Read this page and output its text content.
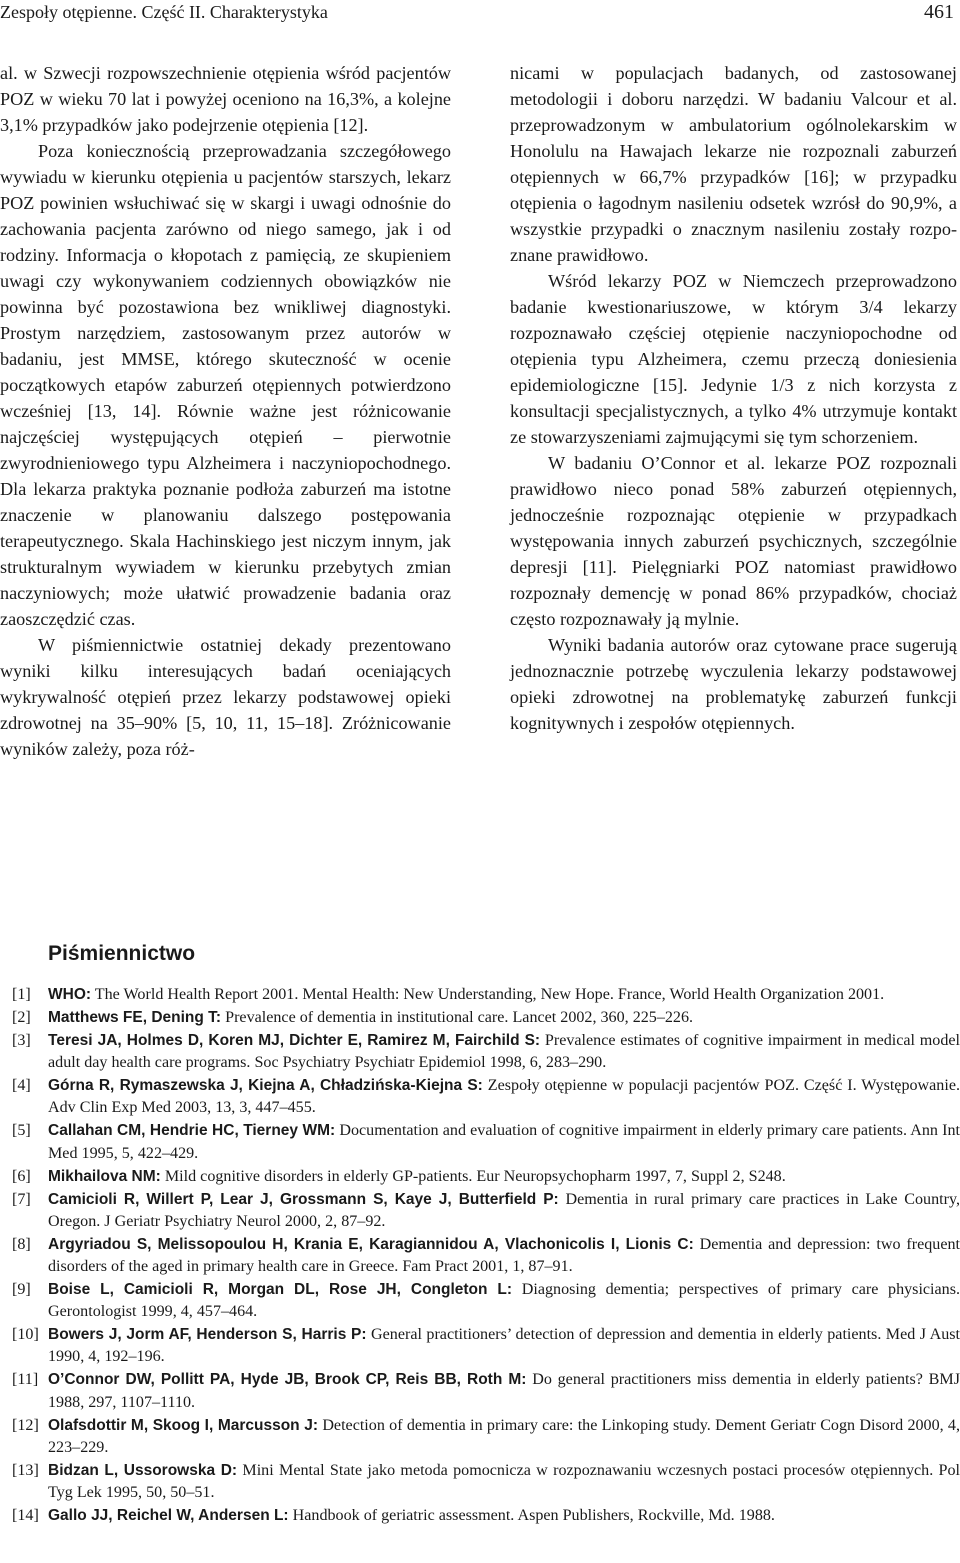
Zespoły otępienne. Część II. Charakterystyka	461

al. w Szwecji rozpowszechnienie otępienia wśród pacjentów POZ w wieku 70 lat i powyżej oceniono na 16,3%, a kolejne 3,1% przypadków jako podejrzenie otępienia [12].

Poza koniecznością przeprowadzania szczegółowego wywiadu w kierunku otępienia u pacjentów starszych, lekarz POZ powinien wsłuchiwać się w skargi i uwagi odnośnie do zachowania pacjenta zarówno od niego samego, jak i od rodziny. Informacja o kłopotach z pamięcią, ze skupieniem uwagi czy wykonywaniem codziennych obowiązków nie powinna być pozostawiona bez wnikliwej diagnostyki. Prostym narzędziem, zastosowanym przez autorów w badaniu, jest MMSE, którego skuteczność w ocenie początkowych etapów zaburzeń otępiennych potwierdzono wcześniej [13, 14]. Równie ważne jest różnicowanie najczęściej występujących otępień – pierwotnie zwyrodnieniowego typu Alzheimera i naczyniopochodnego. Dla lekarza praktyka poznanie podłoża zaburzeń ma istotne znaczenie w planowaniu dalszego postępowania terapeutycznego. Skala Hachinskiego jest niczym innym, jak strukturalnym wywiadem w kierunku przebytych zmian naczyniowych; może ułatwić prowadzenie badania oraz zaoszczędzić czas.

W piśmiennictwie ostatniej dekady prezentowano wyniki kilku interesujących badań oceniających wykrywalność otępień przez lekarzy podstawowej opieki zdrowotnej na 35–90% [5, 10, 11, 15–18]. Zróżnicowanie wyników zależy, poza róż-

nicami w populacjach badanych, od zastosowanej metodologii i doboru narzędzi. W badaniu Valcour et al. przeprowadzonym w ambulatorium ogólnolekarskim w Honolulu na Hawajach lekarze nie rozpoznali zaburzeń otępiennych w 66,7% przypadków [16]; w przypadku otępienia o łagodnym nasileniu odsetek wzrósł do 90,9%, a wszystkie przypadki o znacznym nasileniu zostały rozpoznane prawidłowo.

Wśród lekarzy POZ w Niemczech przeprowadzono badanie kwestionariuszowe, w którym 3/4 lekarzy rozpoznawało częściej otępienie naczyniopochodne od otępienia typu Alzheimera, czemu przeczą doniesienia epidemiologiczne [15]. Jedynie 1/3 z nich korzysta z konsultacji specjalistycznych, a tylko 4% utrzymuje kontakt ze stowarzyszeniami zajmującymi się tym schorzeniem.

W badaniu O’Connor et al. lekarze POZ rozpoznali prawidłowo nieco ponad 58% zaburzeń otępiennych, jednocześnie rozpoznając otępienie w przypadkach występowania innych zaburzeń psychicznych, szczególnie depresji [11]. Pielęgniarki POZ natomiast prawidłowo rozpoznały demencję w ponad 86% przypadków, chociaż często rozpoznawały ją mylnie.

Wyniki badania autorów oraz cytowane prace sugerują jednoznacznie potrzebę wyczulenia lekarzy podstawowej opieki zdrowotnej na problematykę zaburzeń funkcji kognitywnych i zespołów otępiennych.

Piśmiennictwo
[1] WHO: The World Health Report 2001. Mental Health: New Understanding, New Hope. France, World Health Organization 2001.
[2] Matthews FE, Dening T: Prevalence of dementia in institutional care. Lancet 2002, 360, 225–226.
[3] Teresi JA, Holmes D, Koren MJ, Dichter E, Ramirez M, Fairchild S: Prevalence estimates of cognitive impairment in medical model adult day health care programs. Soc Psychiatry Psychiatr Epidemiol 1998, 6, 283–290.
[4] Górna R, Rymaszewska J, Kiejna A, Chładzińska-Kiejna S: Zespoły otępienne w populacji pacjentów POZ. Część I. Występowanie. Adv Clin Exp Med 2003, 13, 3, 447–455.
[5] Callahan CM, Hendrie HC, Tierney WM: Documentation and evaluation of cognitive impairment in elderly primary care patients. Ann Int Med 1995, 5, 422–429.
[6] Mikhailova NM: Mild cognitive disorders in elderly GP-patients. Eur Neuropsychopharm 1997, 7, Suppl 2, S248.
[7] Camicioli R, Willert P, Lear J, Grossmann S, Kaye J, Butterfield P: Dementia in rural primary care practices in Lake Country, Oregon. J Geriatr Psychiatry Neurol 2000, 2, 87–92.
[8] Argyriadou S, Melissopoulou H, Krania E, Karagiannidou A, Vlachonicolis I, Lionis C: Dementia and depression: two frequent disorders of the aged in primary health care in Greece. Fam Pract 2001, 1, 87–91.
[9] Boise L, Camicioli R, Morgan DL, Rose JH, Congleton L: Diagnosing dementia; perspectives of primary care physicians. Gerontologist 1999, 4, 457–464.
[10] Bowers J, Jorm AF, Henderson S, Harris P: General practitioners’ detection of depression and dementia in elderly patients. Med J Aust 1990, 4, 192–196.
[11] O’Connor DW, Pollitt PA, Hyde JB, Brook CP, Reis BB, Roth M: Do general practitioners miss dementia in elderly patients? BMJ 1988, 297, 1107–1110.
[12] Olafsdottir M, Skoog I, Marcusson J: Detection of dementia in primary care: the Linkoping study. Dement Geriatr Cogn Disord 2000, 4, 223–229.
[13] Bidzan L, Ussorowska D: Mini Mental State jako metoda pomocnicza w rozpoznawaniu wczesnych postaci procesów otępiennych. Pol Tyg Lek 1995, 50, 50–51.
[14] Gallo JJ, Reichel W, Andersen L: Handbook of geriatric assessment. Aspen Publishers, Rockville, Md. 1988.
